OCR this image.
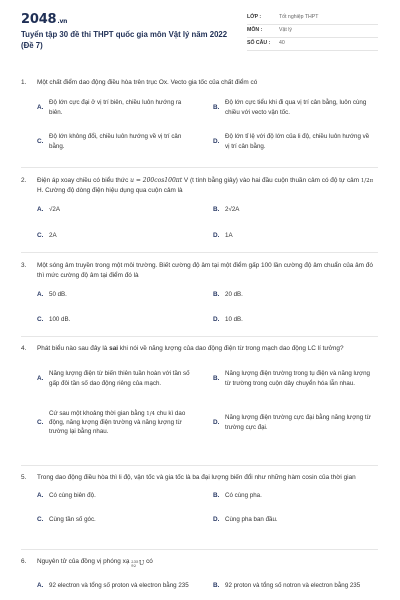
2048.vn
Tuyển tập 30 đề thi THPT quốc gia môn Vật lý năm 2022 (Đề 7)
LỚP :	Tốt nghiệp THPT
MÔN :	Vật lý
SỐ CÂU :	40
1. Một chất điểm dao động điều hòa trên trục Ox. Vecto gia tốc của chất điểm có
A.
Độ lớn cực đại ở vị trí biên, chiều luôn hướng ra biên.
B.
Độ lớn cực tiểu khi đi qua vị trí cân bằng, luôn cùng chiều với vecto vận tốc.
C.
Độ lớn không đổi, chiều luôn hướng về vị trí cân bằng.
D.
Độ lớn tỉ lệ với độ lớn của li độ, chiều luôn hướng về vị trí cân bằng.
2. Điện áp xoay chiều có biểu thức u = 200cos100πt V (t tính bằng giây) vào hai đầu cuộn thuần cảm có độ tự cảm 1/2π H. Cường độ dòng điện hiệu dụng qua cuộn cảm là
A. √2A	B. 2√2A
C. 2A	D. 1A
3. Một sóng âm truyền trong một môi trường. Biết cường độ âm tại một điểm gấp 100 lần cường độ âm chuẩn của âm đó thì mức cường độ âm tại điểm đó là
A. 50 dB.	B. 20 dB.
C. 100 dB.	D. 10 dB.
4. Phát biểu nào sau đây là sai khi nói về năng lượng của dao động điện từ trong mạch dao động LC lí tưởng?
A.
Năng lượng điện từ biến thiên tuần hoàn với tần số gấp đôi tần số dao động riêng của mạch.
B.
Năng lượng điện trường trong tụ điện và năng lượng từ trường trong cuộn dây chuyển hóa lẫn nhau.
C.
Cứ sau một khoảng thời gian bằng 1/4 chu kì dao động, năng lượng điện trường và năng lượng từ trường lại bằng nhau.
D.
Năng lượng điện trường cực đại bằng năng lượng từ trường cực đại.
5. Trong dao động điều hòa thì li độ, vận tốc và gia tốc là ba đại lượng biến đổi như những hàm cosin của thời gian
A. Có cùng biên độ.	B. Có cùng pha.
C. Cùng tần số góc.	D. Cùng pha ban đầu.
6. Nguyên tử của đồng vị phóng xạ 235
92 U có
A. 92 electron và tổng số proton và electron bằng 235	B. 92 proton và tổng số notron và electron bằng 235
